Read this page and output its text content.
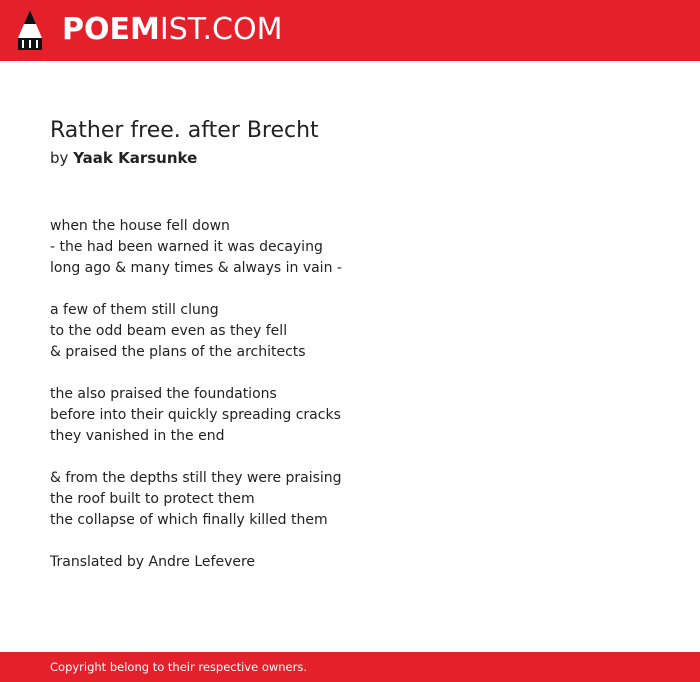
POEMIST.COM
Rather free. after Brecht
by Yaak Karsunke
when the house fell down
- the had been warned it was decaying
long ago & many times & always in vain -
a few of them still clung
to the odd beam even as they fell
& praised the plans of the architects
the also praised the foundations
before into their quickly spreading cracks
they vanished in the end
& from the depths still they were praising
the roof built to protect them
the collapse of which finally killed them
Translated by Andre Lefevere
Copyright belong to their respective owners.
